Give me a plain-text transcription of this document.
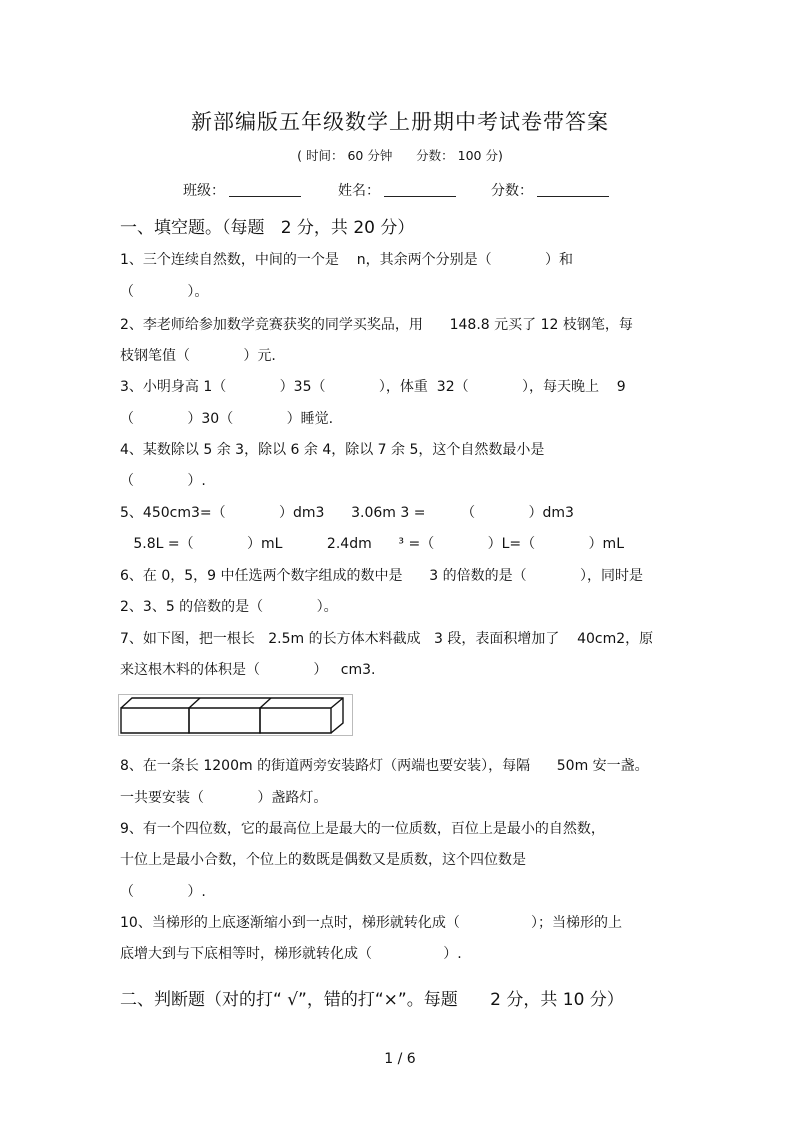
新部编版五年级数学上册期中考试卷带答案
( 时间： 60 分钟      分数： 100 分)
班级：	姓名：	分数：
一、填空题。（每题   2 分，共 20 分）
1、三个连续自然数，中间的一个是    n，其余两个分别是（            ）和
（            ）。
2、李老师给参加数学竞赛获奖的同学买奖品，用      148.8 元买了 12 枝钢笔，每
枝钢笔值（            ）元.
3、小明身高 1（            ）35（            ），体重  32（            ），每天晚上    9
（            ）30（            ）睡觉.
4、某数除以 5 余 3，除以 6 余 4，除以 7 余 5，这个自然数最小是
（            ）.
5、450cm3=（            ）dm3      3.06m 3 =        （            ）dm3
5.8L =（            ）mL          2.4dm      ³ =（            ）L=（            ）mL
6、在 0，5，9 中任选两个数字组成的数中是      3 的倍数的是（            ），同时是
2、3、5 的倍数的是（            ）。
7、如下图，把一根长   2.5m 的长方体木料截成   3 段，表面积增加了    40cm2，原
来这根木料的体积是（            ）   cm3.
8、在一条长 1200m 的街道两旁安装路灯（两端也要安装），每隔      50m 安一盏。
一共要安装（            ）盏路灯。
9、有一个四位数，它的最高位上是最大的一位质数，百位上是最小的自然数，
十位上是最小合数，个位上的数既是偶数又是质数，这个四位数是
（            ）.
10、当梯形的上底逐渐缩小到一点时，梯形就转化成（                ）；当梯形的上
底增大到与下底相等时，梯形就转化成（                ）.
二、判断题（对的打“ √”，错的打“×”。每题      2 分，共 10 分）
1 / 6
